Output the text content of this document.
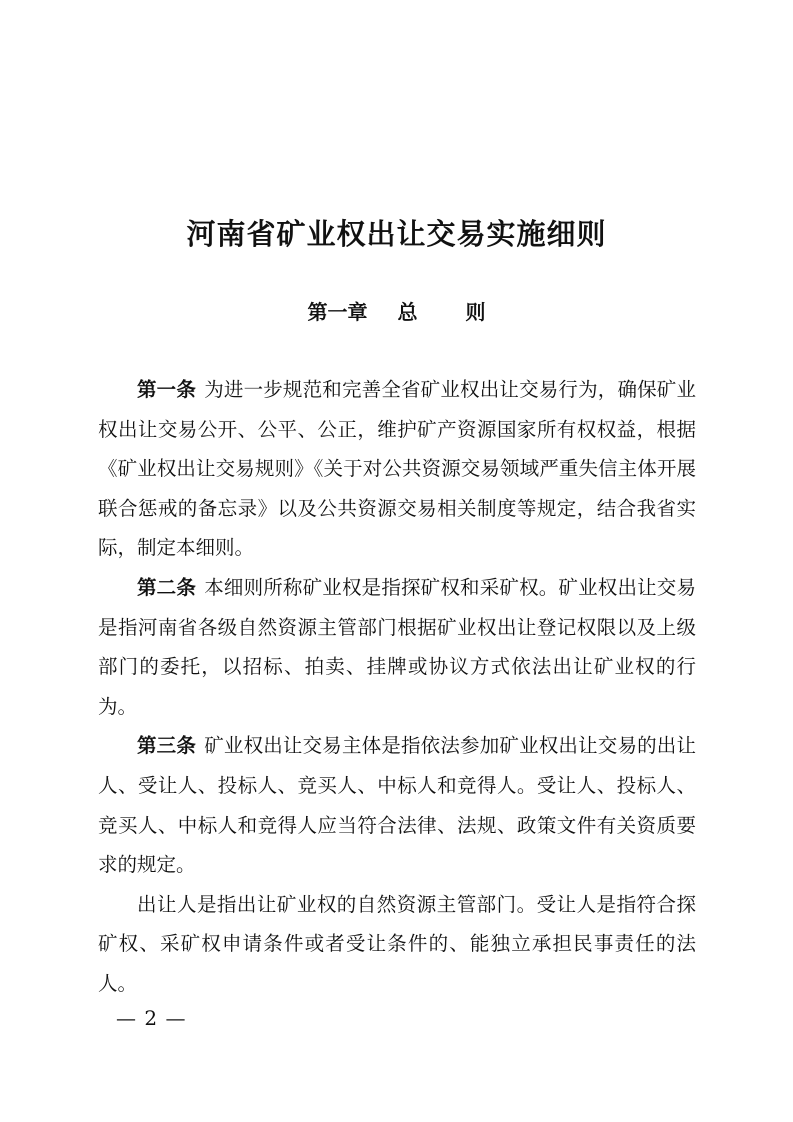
河南省矿业权出让交易实施细则
第一章 总 则

第一条 为进一步规范和完善全省矿业权出让交易行为，确保矿业权出让交易公开、公平、公正，维护矿产资源国家所有权权益，根据《矿业权出让交易规则》《关于对公共资源交易领域严重失信主体开展联合惩戒的备忘录》以及公共资源交易相关制度等规定，结合我省实际，制定本细则。

第二条 本细则所称矿业权是指探矿权和采矿权。矿业权出让交易是指河南省各级自然资源主管部门根据矿业权出让登记权限以及上级部门的委托，以招标、拍卖、挂牌或协议方式依法出让矿业权的行为。

第三条 矿业权出让交易主体是指依法参加矿业权出让交易的出让人、受让人、投标人、竞买人、中标人和竞得人。受让人、投标人、竞买人、中标人和竞得人应当符合法律、法规、政策文件有关资质要求的规定。

出让人是指出让矿业权的自然资源主管部门。受让人是指符合探矿权、采矿权申请条件或者受让条件的、能独立承担民事责任的法人。

— 2 —
